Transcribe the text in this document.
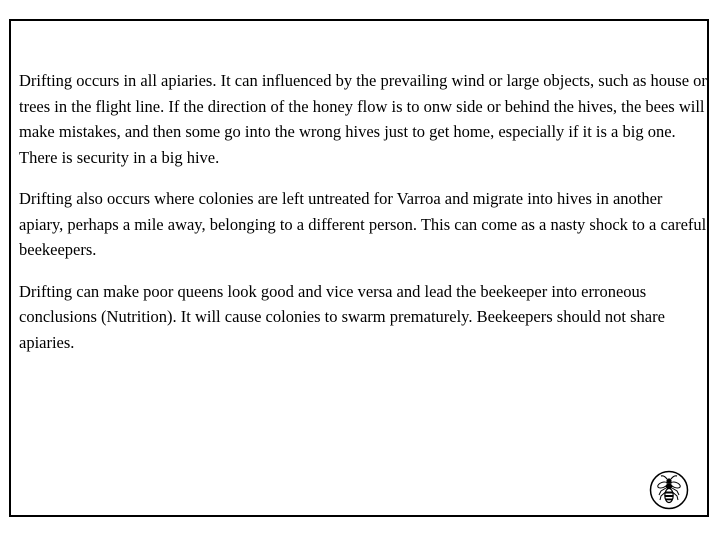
Drifting occurs in all apiaries. It can influenced by the prevailing wind or large objects, such as house or trees in the flight line. If the direction of the honey flow is to onw side or behind the hives, the bees will make mistakes, and then some go into the wrong hives just to get home, especially if it is a big one. There is security in a big hive.

Drifting also occurs where colonies are left untreated for Varroa and migrate into hives in another apiary, perhaps a mile away, belonging to a different person. This can come as a nasty shock to a careful beekeepers.

Drifting can make poor queens look good and vice versa and lead the beekeeper into erroneous conclusions (Nutrition). It will cause colonies to swarm prematurely. Beekeepers should not share apiaries.
